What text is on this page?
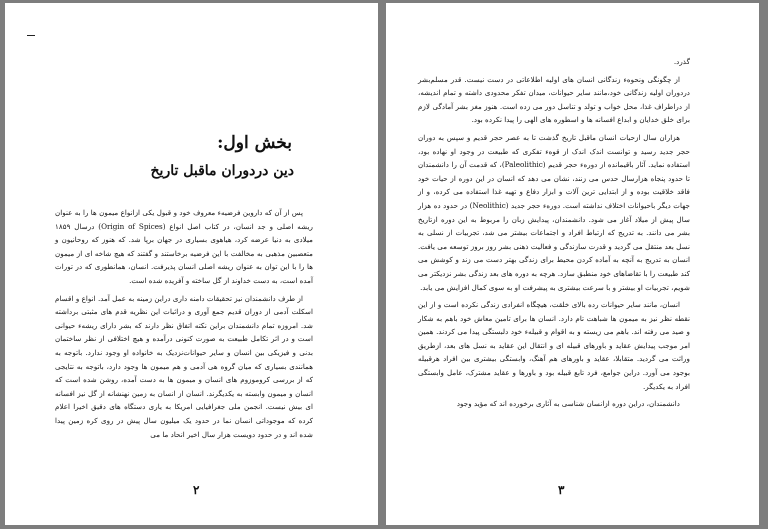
بخش اول:
دین دردوران ماقبل تاریخ

پس از آن که داروین فرضیه‌ء معروف خود و قبول یکی ازانواع میمون ها را به عنوان ریشه اصلی و جد انسان، در کتاب اصل انواع (Origin of Spices) درسال ۱۸۵۹ میلادی به دنیا عرضه کرد، هیاهوی بسیاری در جهان برپا شد. که هنوز که روحانیون و متعصبین مذهبی به مخالفت با این فرضیه برخاستند و گفتند که هیچ شاخه ای از میمون ها را با این توان به عنوان ریشه اصلی انسان پذیرفت. انسان، همانطوری که در تورات آمده است، به دست خداوند از گل ساخته و آفریده شده است.

از طرف دانشمندان نیز تحقیقات دامنه داری دراین زمینه به عمل آمد. انواع و اقسام اسکلت آدمی از دوران قدیم جمع آوری و دراثبات این نظریه قدم های مثبتی برداشته شد. امروزه تمام دانشمندان براین نکته اتفاق نظر دارند که بشر دارای ریشه‌ء حیوانی است و در اثر تکامل طبیعت به صورت کنونی درآمده و هیچ اختلافی از نظر ساختمان بدنی و فیزیکی بین انسان و سایر حیوانات‌نزدیک به خانواده او وجود ندارد. باتوجه به همانندی بسیاری که میان گروه هی آدمی و هم میمون ها وجود دارد، باتوجه به نتایجی که از بررسی کروموزوم های انسان و میمون ها به دست آمده، روشن شده است که انسان و میمون وابسته به یکدیگرند. انسان از انسان به زمین نهنشانه از گل نیز افسانه ای بیش نیست. انجمن ملی جغرافیایی امریکا به یاری دستگاه های دقیق اخیرا اعلام کرده که موجوداتی انسان نما در حدود یک میلیون سال پیش در روی کره زمین پیدا شده اند و در حدود دویست هزار سال اخیر انحاد ما می

۲

گذرد.

از چگونگی ونحوه‌ء زندگانی انسان های اولیه اطلاعاتی در دست نیست. قدر مسلم‌بشر دردوران اولیه زندگانی خود،مانند سایر حیوانات، میدان تفکر محدودی داشته و تمام اندیشه، از دراطراف غذا، محل خواب و تولد و تناسل دور می زده است. هنوز مغز بشر آمادگی لازم برای خلق خدایان و ابداع افسانه ها و اسطوره های الهی را پیدا نکرده بود.

هزاران سال ازحیات انسان ماقبل تاریخ گذشت تا به عصر حجر قدیم و سپس به دوران حجر جدید رسید و توانست اندک اندک از قوه‌ء تفکری که طبیعت در وجود او نهاده بود، استفاده نماید. آثار باقیمانده از دوره‌ء حجر قدیم (Paleolithic)، که قدمت آن را دانشمندان تا حدود پنجاه هزارسال حدس می زنند، نشان می دهد که انسان در این دوره از حیات خود فاقد خلاقیت بوده و از ابتدایی ترین آلات و ابزار دفاع و تهیه غذا استفاده می کرده، و از جهات دیگر باحیوانات اختلاف نداشته است. دوره‌ء حجر جدید (Neolithic) در حدود ده هزار سال پیش از میلاد آغاز می شود. دانشمندان، پیدایش زبان را مربوط به این دوره ازتاریخ بشر می دانند. به تدریج که ارتباط افراد و اجتماعات بیشتر می شد، تجربیات از نسلی به نسل بعد منتقل می گردید و قدرت سازندگی و فعالیت ذهنی بشر روز بروز توسعه می یافت. انسان به تدریج به آنچه به آماده کردن محیط برای زندگی بهتر دست می زند و کوشش می کند طبیعت را با تقاضاهای خود منطبق سازد. هرچه به دوره های بعد زندگی بشر نزدیکتر می شویم، تجربیات او بیشتر و با سرعت بیشتری به پیشرفت او به سوی کمال افزایش می یابد.

انسان، مانند سایر حیوانات رده بالای خلقت، هیچگاه انفرادی زندگی نکرده است و از این نقطه نظر نیز به میمون ها شباهت تام دارد. انسان ها برای تامین معاش خود باهم به شکار و صید می رفته اند. باهم می زیسته و به اقوام و قبیله‌ء خود دلبستگی پیدا می کردند. همین امر موجب پیدایش عقاید و باورهای قبیله ای و انتقال این عقاید به نسل های بعد، ازطریق وراثت می گردید. متقابلا، عقاید و باورهای هم آهنگ، وابستگی بیشتری بین افراد هرقبیله بوجود می آورد. دراین جوامع، فرد تابع قبیله بود و باورها و عقاید مشترک، عامل وابستگی افراد به یکدیگر.

دانشمندان، دراین دوره ازانسان شناسی به آثاری برخورده اند که مؤید وجود

۳
